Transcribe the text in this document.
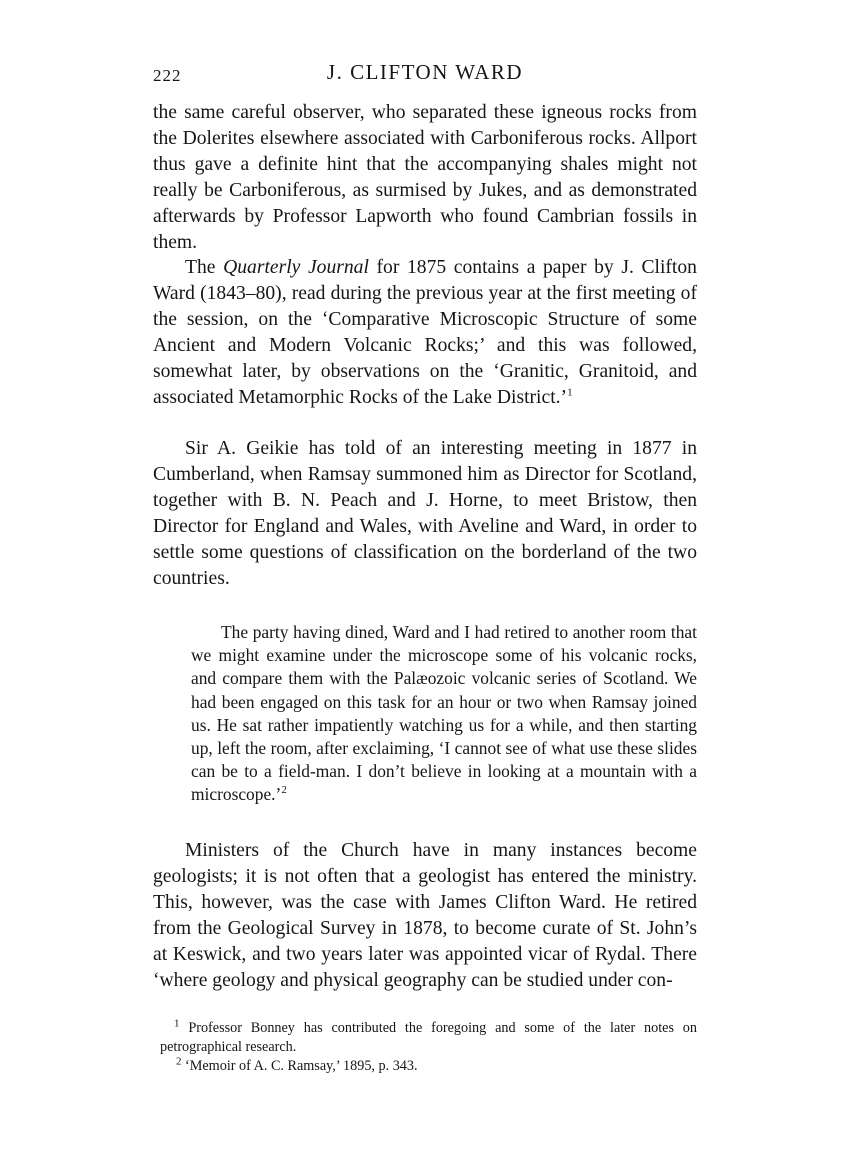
222	J. CLIFTON WARD

the same careful observer, who separated these igneous rocks from the Dolerites elsewhere associated with Carboniferous rocks. Allport thus gave a definite hint that the accompanying shales might not really be Carboniferous, as surmised by Jukes, and as demonstrated afterwards by Professor Lapworth who found Cambrian fossils in them.

The Quarterly Journal for 1875 contains a paper by J. Clifton Ward (1843–80), read during the previous year at the first meeting of the session, on the ‘Comparative Microscopic Structure of some Ancient and Modern Volcanic Rocks;’ and this was followed, somewhat later, by observations on the ‘Granitic, Granitoid, and associated Metamorphic Rocks of the Lake District.’$^1$

Sir A. Geikie has told of an interesting meeting in 1877 in Cumberland, when Ramsay summoned him as Director for Scotland, together with B. N. Peach and J. Horne, to meet Bristow, then Director for England and Wales, with Aveline and Ward, in order to settle some questions of classification on the borderland of the two countries.

The party having dined, Ward and I had retired to another room that we might examine under the microscope some of his volcanic rocks, and compare them with the Palæozoic volcanic series of Scotland. We had been engaged on this task for an hour or two when Ramsay joined us. He sat rather impatiently watching us for a while, and then starting up, left the room, after exclaiming, ‘I cannot see of what use these slides can be to a field-man. I don’t believe in looking at a mountain with a microscope.’$^2$

Ministers of the Church have in many instances become geologists; it is not often that a geologist has entered the ministry. This, however, was the case with James Clifton Ward. He retired from the Geological Survey in 1878, to become curate of St. John’s at Keswick, and two years later was appointed vicar of Rydal. There ‘where geology and physical geography can be studied under con-

$^1$ Professor Bonney has contributed the foregoing and some of the later notes on petrographical research.

$^2$ ‘Memoir of A. C. Ramsay,’ 1895, p. 343.
